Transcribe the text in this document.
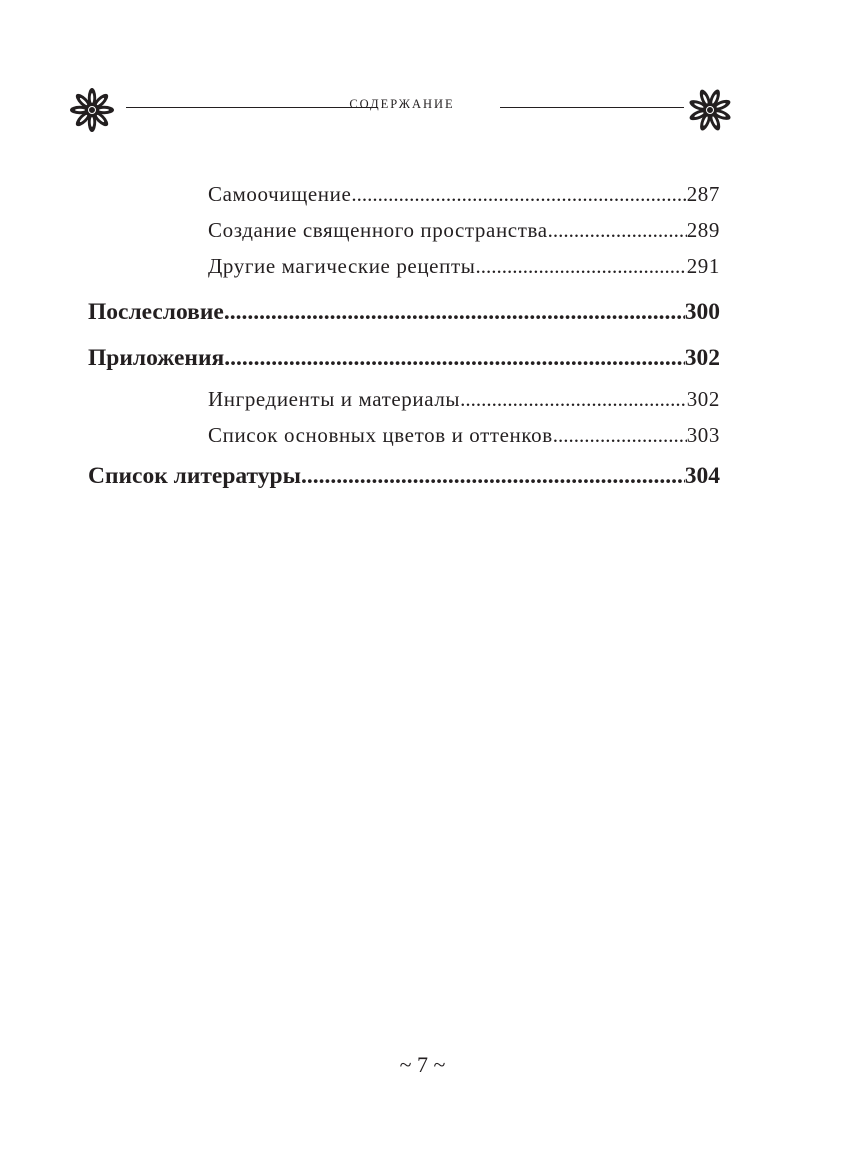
СОДЕРЖАНИЕ
Самоочищение .....	287
Создание священного пространства .....	289
Другие магические рецепты .....	291
Послесловие .....	300
Приложения .....	302
Ингредиенты и материалы .....	302
Список основных цветов и оттенков .....	303
Список литературы .....	304
~ 7 ~
